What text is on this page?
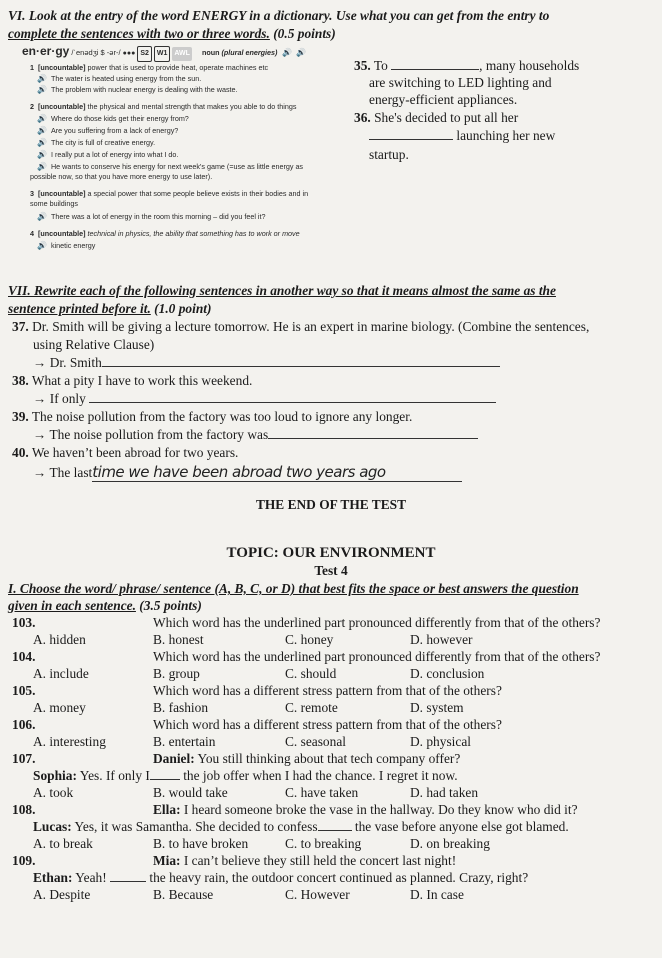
VI. Look at the entry of the word ENERGY in a dictionary. Use what you can get from the entry to
complete the sentences with two or three words. (0.5 points)
en·er·gy /ˈenədʒi $ -ər-/ ●●● S2 W1 AWL noun (plural energies) 🔊 🔊
1 [uncountable] power that is used to provide heat, operate machines etc
🔊 The water is heated using energy from the sun.
🔊 The problem with nuclear energy is dealing with the waste.
2 [uncountable] the physical and mental strength that makes you able to do things
🔊 Where do those kids get their energy from?
🔊 Are you suffering from a lack of energy?
🔊 The city is full of creative energy.
🔊 I really put a lot of energy into what I do.
🔊 He wants to conserve his energy for next week's game (=use as little energy as
possible now, so that you have more energy to use later).
3 [uncountable] a special power that some people believe exists in their bodies and in
some buildings
🔊 There was a lot of energy in the room this morning – did you feel it?
4 [uncountable] technical in physics, the ability that something has to work or move
🔊 kinetic energy
35. To	, many households
are switching to LED lighting and
energy-efficient appliances.
36. She's decided to put all her
launching her new
startup.
VII. Rewrite each of the following sentences in another way so that it means almost the same as the
sentence printed before it. (1.0 point)
37. Dr. Smith will be giving a lecture tomorrow. He is an expert in marine biology. (Combine the sentences,
using Relative Clause)
→ Dr. Smith
38. What a pity I have to work this weekend.
→ If only
39. The noise pollution from the factory was too loud to ignore any longer.
→ The noise pollution from the factory was
40. We haven’t been abroad for two years.
→ The lasttime we have been abroad two years ago
THE END OF THE TEST
TOPIC: OUR ENVIRONMENT
Test 4
I. Choose the word/ phrase/ sentence (A, B, C, or D) that best fits the space or best answers the question
given in each sentence. (3.5 points)
103.	Which word has the underlined part pronounced differently from that of the others?
A. hidden	B. honest	C. honey	D. however
104.	Which word has the underlined part pronounced differently from that of the others?
A. include	B. group	C. should	D. conclusion
105.	Which word has a different stress pattern from that of the others?
A. money	B. fashion	C. remote	D. system
106.	Which word has a different stress pattern from that of the others?
A. interesting	B. entertain	C. seasonal	D. physical
107.	Daniel: You still thinking about that tech company offer?
Sophia: Yes. If only I the job offer when I had the chance. I regret it now.
A. took	B. would take	C. have taken	D. had taken
108.	Ella: I heard someone broke the vase in the hallway. Do they know who did it?
Lucas: Yes, it was Samantha. She decided to confess	the vase before anyone else got blamed.
A. to break	B. to have broken	C. to breaking	D. on breaking
109.	Mia: I can’t believe they still held the concert last night!
Ethan: Yeah!	the heavy rain, the outdoor concert continued as planned. Crazy, right?
A. Despite	B. Because	C. However	D. In case
